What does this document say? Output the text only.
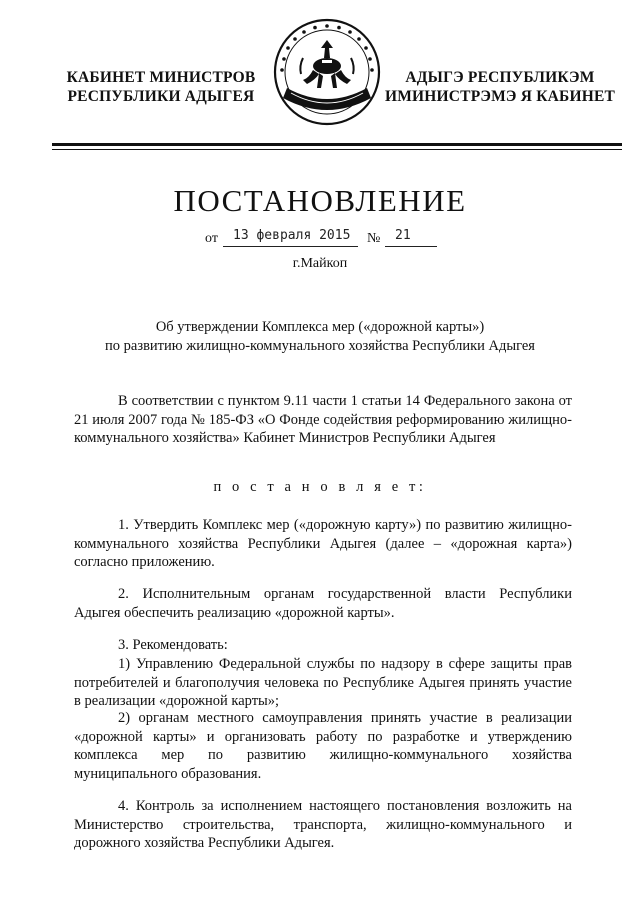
КАБИНЕТ МИНИСТРОВ
РЕСПУБЛИКИ АДЫГЕЯ
АДЫГЭ РЕСПУБЛИКЭМ
ИМИНИСТРЭМЭ Я КАБИНЕТ
ПОСТАНОВЛЕНИЕ
от 13 февраля 2015 № 21
г.Майкоп
Об утверждении Комплекса мер («дорожной карты»)
по развитию жилищно-коммунального хозяйства Республики Адыгея
В соответствии с пунктом 9.11 части 1 статьи 14 Федерального закона от 21 июля 2007 года № 185-ФЗ «О Фонде содействия реформированию жилищно-коммунального хозяйства» Кабинет Министров Республики Адыгея
п о с т а н о в л я е т:

1. Утвердить Комплекс мер («дорожную карту») по развитию жилищно-коммунального хозяйства Республики Адыгея (далее – «дорожная карта») согласно приложению.

2. Исполнительным органам государственной власти Республики Адыгея обеспечить реализацию «дорожной карты».

3. Рекомендовать:

1) Управлению Федеральной службы по надзору в сфере защиты прав потребителей и благополучия человека по Республике Адыгея принять участие в реализации «дорожной карты»;

2) органам местного самоуправления принять участие в реализации «дорожной карты» и организовать работу по разработке и утверждению комплекса мер по развитию жилищно-коммунального хозяйства муниципального образования.

4. Контроль за исполнением настоящего постановления возложить на Министерство строительства, транспорта, жилищно-коммунального и дорожного хозяйства Республики Адыгея.
